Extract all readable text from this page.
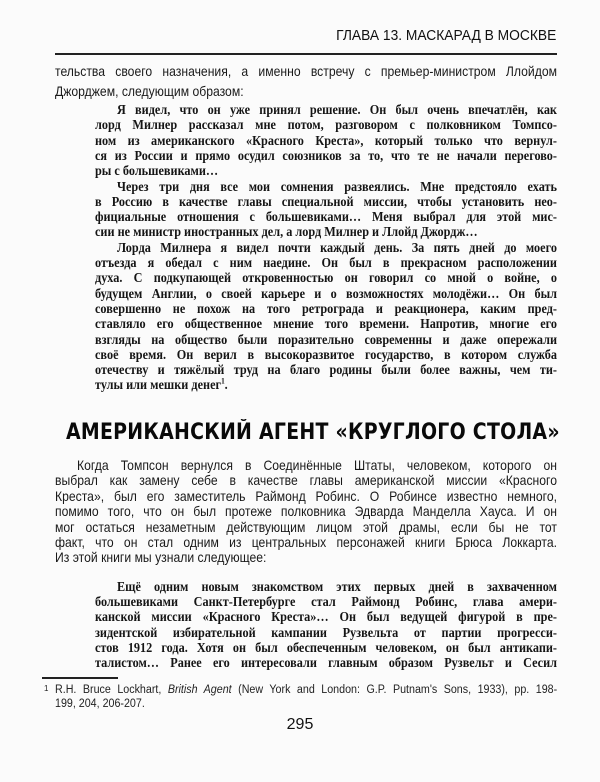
ГЛАВА 13. МАСКАРАД В МОСКВЕ
тельства своего назначения, а именно встречу с премьер-министром Ллойдом
Джорджем, следующим образом:
Я видел, что он уже принял решение. Он был очень впечатлён, как
лорд Милнер рассказал мне потом, разговором с полковником Томпсо-
ном из американского «Красного Креста», который только что вернул-
ся из России и прямо осудил союзников за то, что те не начали перегово-
ры с большевиками…
Через три дня все мои сомнения развеялись. Мне предстояло ехать
в Россию в качестве главы специальной миссии, чтобы установить нео-
фициальные отношения с большевиками… Меня выбрал для этой мис-
сии не министр иностранных дел, а лорд Милнер и Ллойд Джордж…
Лорда Милнера я видел почти каждый день. За пять дней до моего
отъезда я обедал с ним наедине. Он был в прекрасном расположении
духа. С подкупающей откровенностью он говорил со мной о войне, о
будущем Англии, о своей карьере и о возможностях молодёжи… Он был
совершенно не похож на того ретрограда и реакционера, каким пред-
ставляло его общественное мнение того времени. Напротив, многие его
взгляды на общество были поразительно современны и даже опережали
своё время. Он верил в высокоразвитое государство, в котором служба
отечеству и тяжёлый труд на благо родины были более важны, чем ти-
тулы или мешки денег$^1$.
АМЕРИКАНСКИЙ АГЕНТ «КРУГЛОГО СТОЛА»
Когда Томпсон вернулся в Соединённые Штаты, человеком, которого он
выбрал как замену себе в качестве главы американской миссии «Красного
Креста», был его заместитель Раймонд Робинс. О Робинсе известно немного,
помимо того, что он был протеже полковника Эдварда Манделла Хауса. И он
мог остаться незаметным действующим лицом этой драмы, если бы не тот
факт, что он стал одним из центральных персонажей книги Брюса Локкарта.
Из этой книги мы узнали следующее:
Ещё одним новым знакомством этих первых дней в захваченном
большевиками Санкт-Петербурге стал Раймонд Робинс, глава амери-
канской миссии «Красного Креста»… Он был ведущей фигурой в пре-
зидентской избирательной кампании Рузвельта от партии прогресси-
стов 1912 года. Хотя он был обеспеченным человеком, он был антикапи-
талистом… Ранее его интересовали главным образом Рузвельт и Сесил
1 R.H. Bruce Lockhart, British Agent (New York and London: G.P. Putnam's Sons, 1933), pp. 198-
199, 204, 206-207.
295
